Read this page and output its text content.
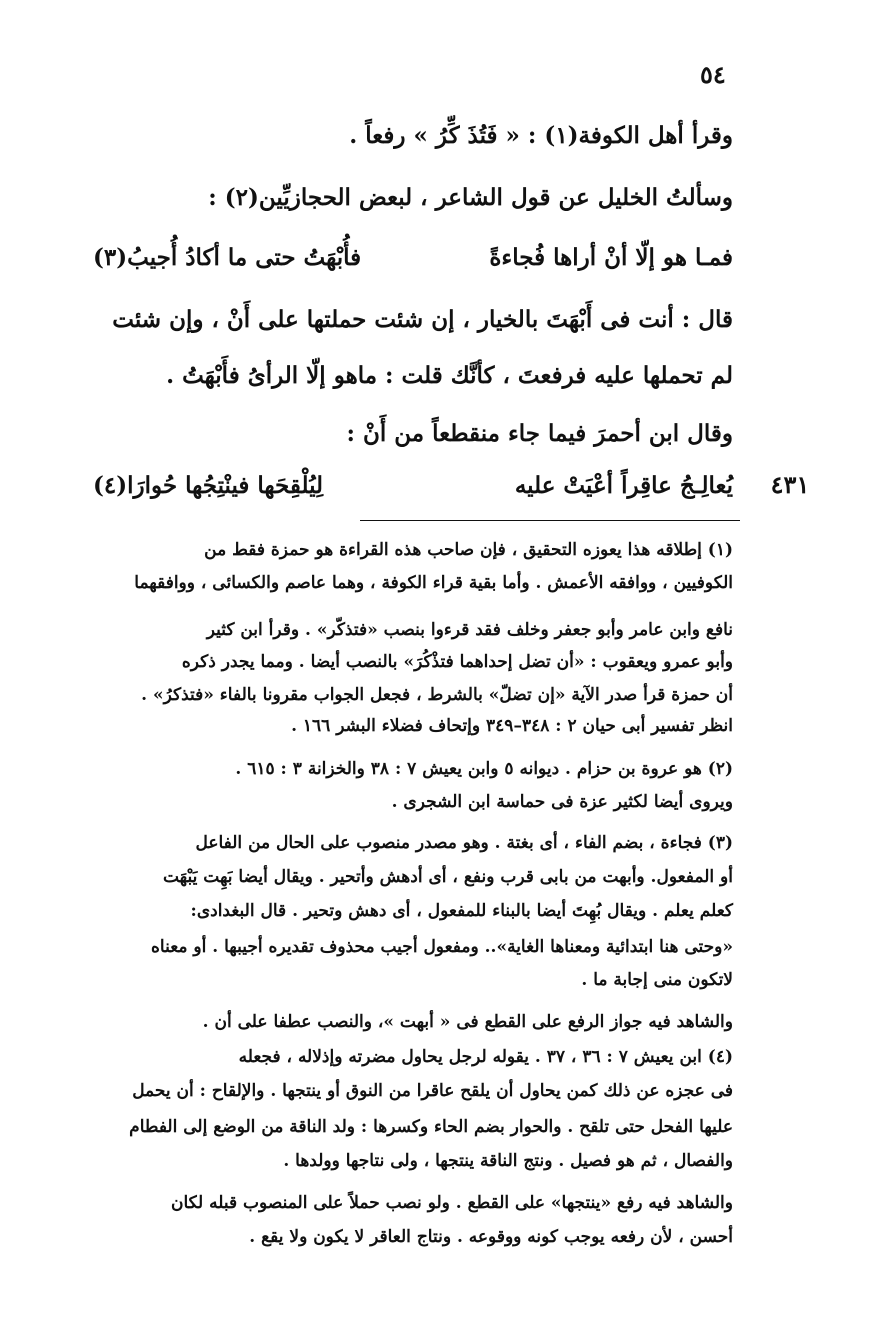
٥٤
وقرأ أهل الكوفة(١) : « فَتُذَ كِّرُ » رفعاً .
وسألتُ الخليل عن قول الشاعر ، لبعض الحجازيِّين(٢) :
فمـا هو إلّا أنْ أراها فُجاءةً
فأُبْهَتُ حتى ما أكادُ أُجيبُ(٣)
قال : أنت فى أَبْهَتَ بالخيار ، إن شئت حملتها على أَنْ ، وإن شئت
لم تحملها عليه فرفعتَ ، كأنَّك قلت : ماهو إلّا الرأىُ فأَبْهَتُ .
وقال ابن أحمرَ فيما جاء منقطعاً من أَنْ :
يُعالِـجُ عاقِراً أعْيَتْ عليه
لِيُلْقِحَها فينْتِجُها حُوارَا(٤)	٤٣١
(١) إطلاقه هذا يعوزه التحقيق ، فإن صاحب هذه القراءة هو حمزة فقط من
الكوفيين ، ووافقه الأعمش . وأما بقية قراء الكوفة ، وهما عاصم والكسائى ، ووافقهما
نافع وابن عامر وأبو جعفر وخلف فقد قرءوا بنصب «فتذكّر» . وقرأ ابن كثير
وأبو عمرو ويعقوب : «أن تضل إحداهما فتذْكُرَ» بالنصب أيضا . ومما يجدر ذكره
أن حمزة قرأ صدر الآية «إن تضلّ» بالشرط ، فجعل الجواب مقرونا بالفاء «فتذكرُ» .
انظر تفسير أبى حيان ٢ : ٣٤٨–٣٤٩ وإتحاف فضلاء البشر ١٦٦ .
(٢) هو عروة بن حزام . ديوانه ٥ وابن يعيش ٧ : ٣٨ والخزانة ٣ : ٦١٥ .
ويروى أيضا لكثير عزة فى حماسة ابن الشجرى .
(٣) فجاءة ، بضم الفاء ، أى بغتة . وهو مصدر منصوب على الحال من الفاعل
أو المفعول. وأبهت من بابى قرب ونفع ، أى أدهش وأتحير . ويقال أيضا بَهِت يَبْهَت
كعلم يعلم . ويقال بُهِتَ أيضا بالبناء للمفعول ، أى دهش وتحير . قال البغدادى:
«وحتى هنا ابتدائية ومعناها الغاية».. ومفعول أجيب محذوف تقديره أجيبها . أو معناه
لاتكون منى إجابة ما .
والشاهد فيه جواز الرفع على القطع فى « أبهت »، والنصب عطفا على أن .
(٤) ابن يعيش ٧ : ٣٦ ، ٣٧ . يقوله لرجل يحاول مضرته وإذلاله ، فجعله
فى عجزه عن ذلك كمن يحاول أن يلقح عاقرا من النوق أو ينتجها . والإلقاح : أن يحمل
عليها الفحل حتى تلقح . والحوار بضم الحاء وكسرها : ولد الناقة من الوضع إلى الفطام
والفصال ، ثم هو فصيل . ونتج الناقة ينتجها ، ولى نتاجها وولدها .
والشاهد فيه رفع «ينتجها» على القطع . ولو نصب حملاً على المنصوب قبله لكان
أحسن ، لأن رفعه يوجب كونه ووقوعه . ونتاج العاقر لا يكون ولا يقع .
